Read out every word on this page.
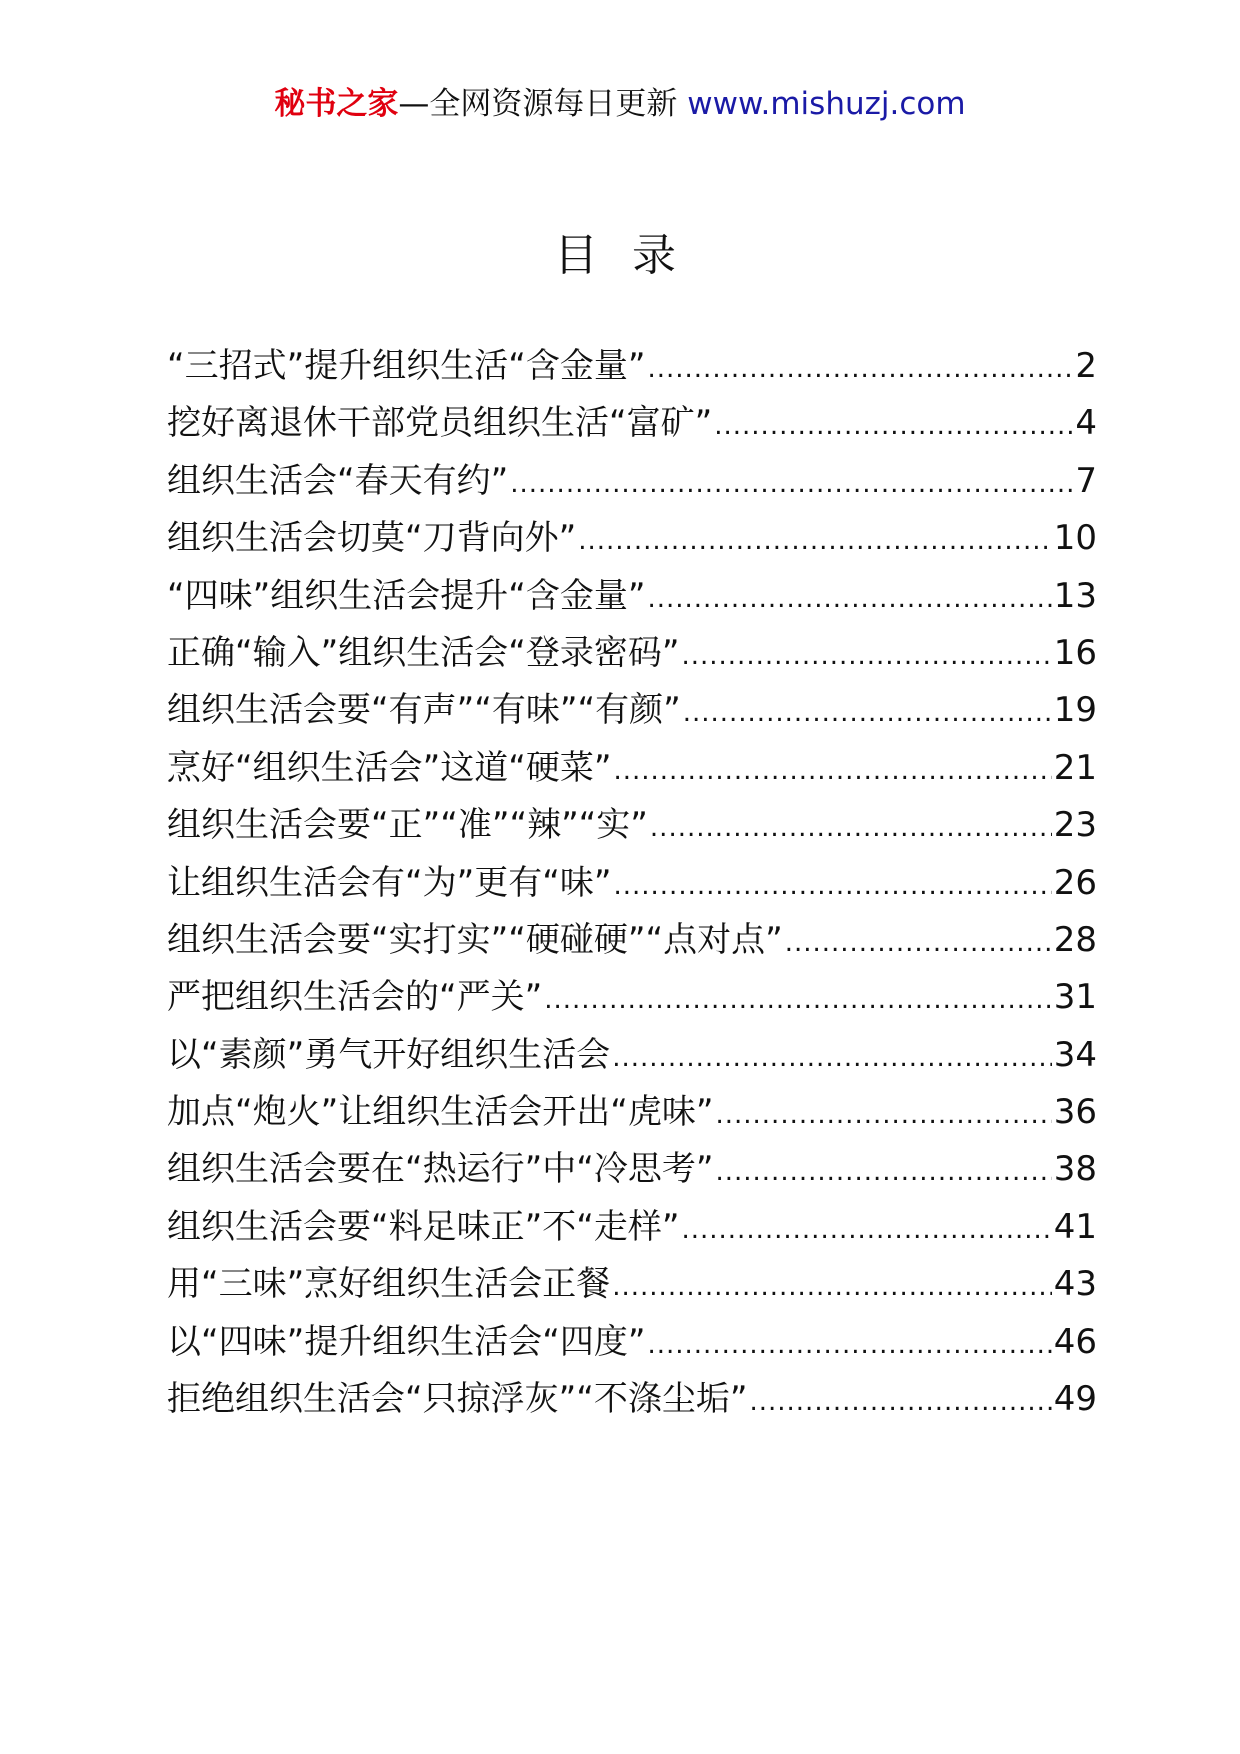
秘书之家—全网资源每日更新 www.mishuzj.com
目 录
“三招式”提升组织生活“含金量” .....	2
挖好离退休干部党员组织生活“富矿” .....	4
组织生活会“春天有约” .....	7
组织生活会切莫“刀背向外” .....	10
“四味”组织生活会提升“含金量” .....	13
正确“输入”组织生活会“登录密码” .....	16
组织生活会要“有声”“有味”“有颜” .....	19
烹好“组织生活会”这道“硬菜” .....	21
组织生活会要“正”“准”“辣”“实” .....	23
让组织生活会有“为”更有“味” .....	26
组织生活会要“实打实”“硬碰硬”“点对点” .....	28
严把组织生活会的“严关” .....	31
以“素颜”勇气开好组织生活会 .....	34
加点“炮火”让组织生活会开出“虎味” .....	36
组织生活会要在“热运行”中“冷思考” .....	38
组织生活会要“料足味正”不“走样” .....	41
用“三味”烹好组织生活会正餐 .....	43
以“四味”提升组织生活会“四度” .....	46
拒绝组织生活会“只掠浮灰”“不涤尘垢” .....	49
